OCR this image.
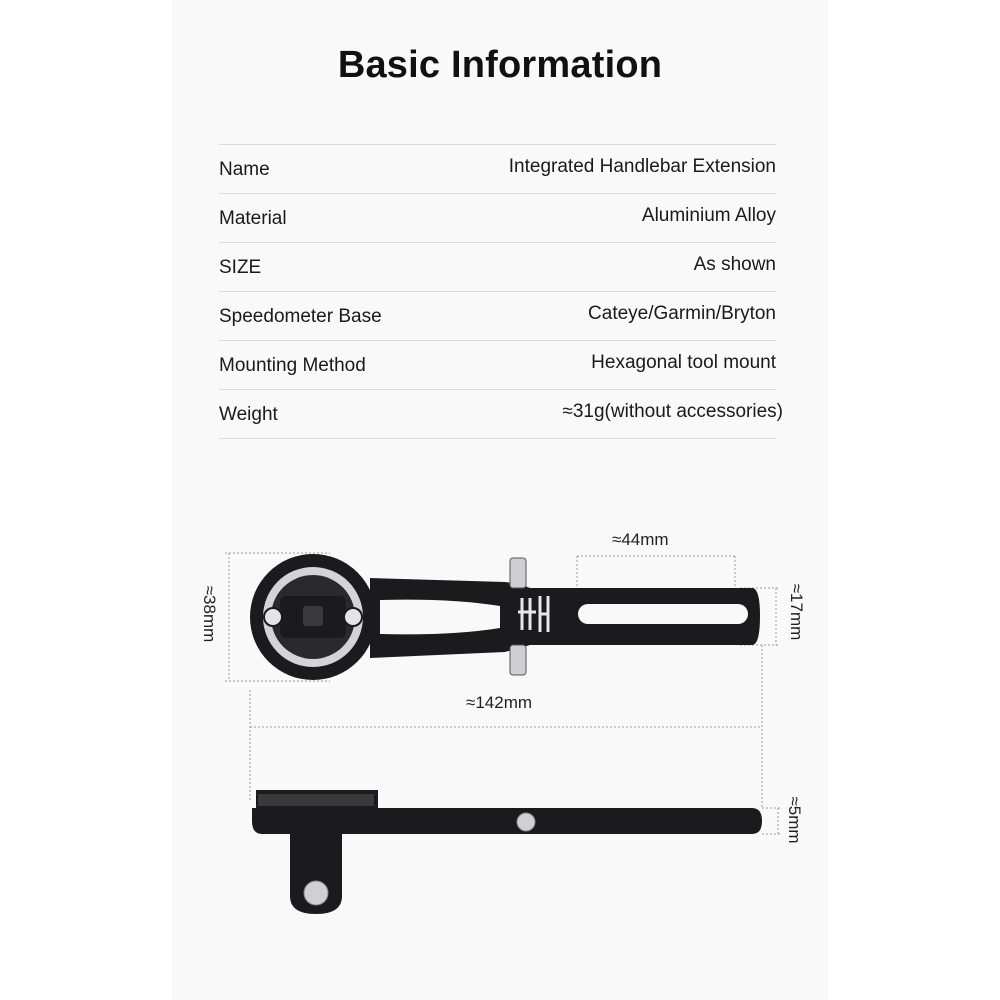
Basic Information
Name	Integrated Handlebar Extension
Material	Aluminium Alloy
SIZE	As shown
Speedometer Base	Cateye/Garmin/Bryton
Mounting Method	Hexagonal tool mount
Weight	≈31g(without accessories)
≈44mm
≈38mm	≈17mm
≈142mm
≈5mm
